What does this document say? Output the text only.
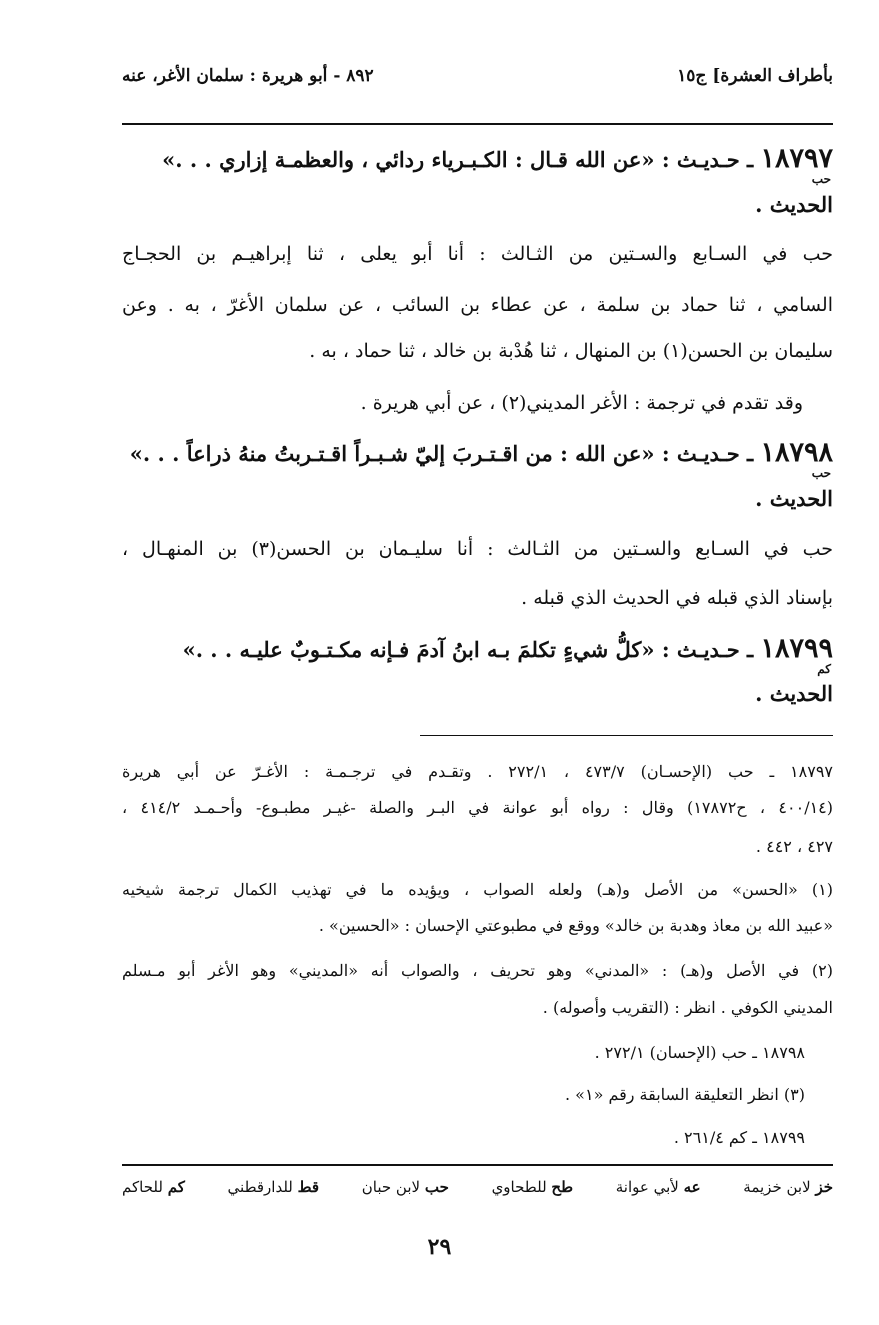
بأطراف العشرة] ج١٥
٨٩٢ - أبو هريرة : سلمان الأغر، عنه
١٨٧٩٧ ـ حـديـث : «عن الله قـال : الكـبـرياء ردائي ، والعظمـة إزاري . . .»
حب
الحديث .
حب في السـابع والسـتين من الثـالث : أنا أبو يعلى ، ثنا إبراهيـم بن الحجـاج
السامي ، ثنا حماد بن سلمة ، عن عطاء بن السائب ، عن سلمان الأغرّ ، به . وعن
سليمان بن الحسن(١) بن المنهال ، ثنا هُدْبة بن خالد ، ثنا حماد ، به .
وقد تقدم في ترجمة : الأغر المديني(٢) ، عن أبي هريرة .
١٨٧٩٨ ـ حـديـث : «عن الله : من اقـتـربَ إليّ شـبـراً اقـتـربتُ منهُ ذراعاً . . .»
حب
الحديث .
حب في السـابع والسـتين من الثـالث : أنا سليـمان بن الحسن(٣) بن المنهـال ،
بإسناد الذي قبله في الحديث الذي قبله .
١٨٧٩٩ ـ حـديـث : «كلُّ شيءٍ تكلمَ بـه ابنُ آدمَ فـإنه مكـتـوبٌ عليـه . . .»
كم
الحديث .
١٨٧٩٧ ـ حب (الإحسـان) ٤٧٣/٧ ، ٢٧٢/١ . وتقـدم في ترجـمـة : الأغـرّ عن أبي هريرة
(٤٠٠/١٤ ، ح١٧٨٧٢) وقال : رواه أبو عوانة في البـر والصلة -غيـر مطبـوع- وأحـمـد ٤١٤/٢ ،
٤٢٧ ، ٤٤٢ .
(١) «الحسن» من الأصل و(هـ) ولعله الصواب ، ويؤيده ما في تهذيب الكمال ترجمة شيخيه
«عبيد الله بن معاذ وهدبة بن خالد» ووقع في مطبوعتي الإحسان : «الحسين» .
(٢) في الأصل و(هـ) : «المدني» وهو تحريف ، والصواب أنه «المديني» وهو الأغر أبو مـسلم
المديني الكوفي . انظر : (التقريب وأصوله) .
١٨٧٩٨ ـ حب (الإحسان) ٢٧٢/١ .
(٣) انظر التعليقة السابقة رقم «١» .
١٨٧٩٩ ـ كم ٢٦١/٤ .
خز لابن خزيمة
عه لأبي عوانة
طح للطحاوي
حب لابن حبان
قط للدارقطني
كم للحاكم
٢٩
